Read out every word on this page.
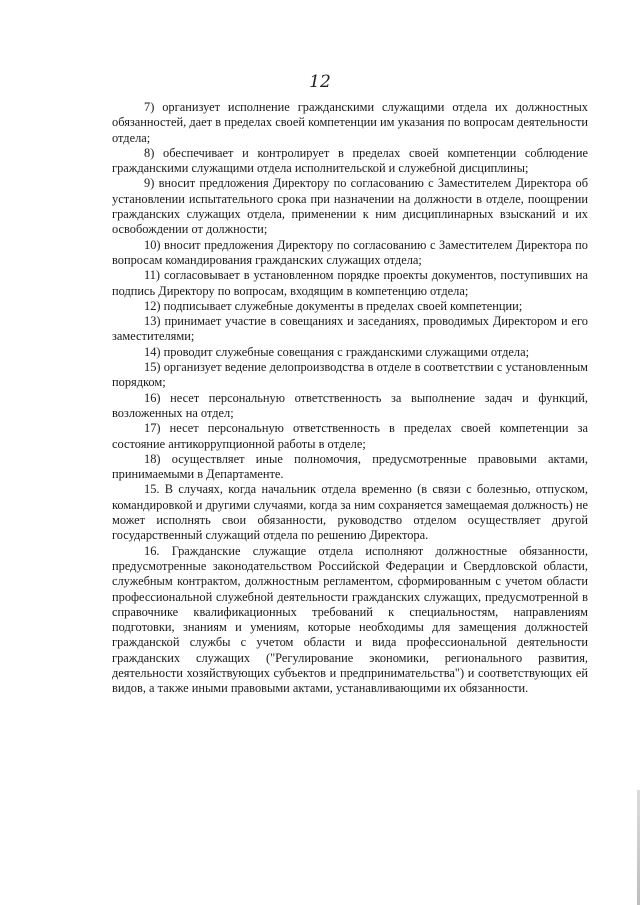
12

7) организует исполнение гражданскими служащими отдела их должностных обязанностей, дает в пределах своей компетенции им указания по вопросам деятельности отдела;

8) обеспечивает и контролирует в пределах своей компетенции соблюдение гражданскими служащими отдела исполнительской и служебной дисциплины;

9) вносит предложения Директору по согласованию с Заместителем Директора об установлении испытательного срока при назначении на должности в отделе, поощрении гражданских служащих отдела, применении к ним дисциплинарных взысканий и их освобождении от должности;

10) вносит предложения Директору по согласованию с Заместителем Директора по вопросам командирования гражданских служащих отдела;

11) согласовывает в установленном порядке проекты документов, поступивших на подпись Директору по вопросам, входящим в компетенцию отдела;

12) подписывает служебные документы в пределах своей компетенции;

13) принимает участие в совещаниях и заседаниях, проводимых Директором и его заместителями;

14) проводит служебные совещания с гражданскими служащими отдела;

15) организует ведение делопроизводства в отделе в соответствии с установленным порядком;

16) несет персональную ответственность за выполнение задач и функций, возложенных на отдел;

17) несет персональную ответственность в пределах своей компетенции за состояние антикоррупционной работы в отделе;

18) осуществляет иные полномочия, предусмотренные правовыми актами, принимаемыми в Департаменте.

15. В случаях, когда начальник отдела временно (в связи с болезнью, отпуском, командировкой и другими случаями, когда за ним сохраняется замещаемая должность) не может исполнять свои обязанности, руководство отделом осуществляет другой государственный служащий отдела по решению Директора.

16. Гражданские служащие отдела исполняют должностные обязанности, предусмотренные законодательством Российской Федерации и Свердловской области, служебным контрактом, должностным регламентом, сформированным с учетом области профессиональной служебной деятельности гражданских служащих, предусмотренной в справочнике квалификационных требований к специальностям, направлениям подготовки, знаниям и умениям, которые необходимы для замещения должностей гражданской службы с учетом области и вида профессиональной деятельности гражданских служащих ("Регулирование экономики, регионального развития, деятельности хозяйствующих субъектов и предпринимательства") и соответствующих ей видов, а также иными правовыми актами, устанавливающими их обязанности.
